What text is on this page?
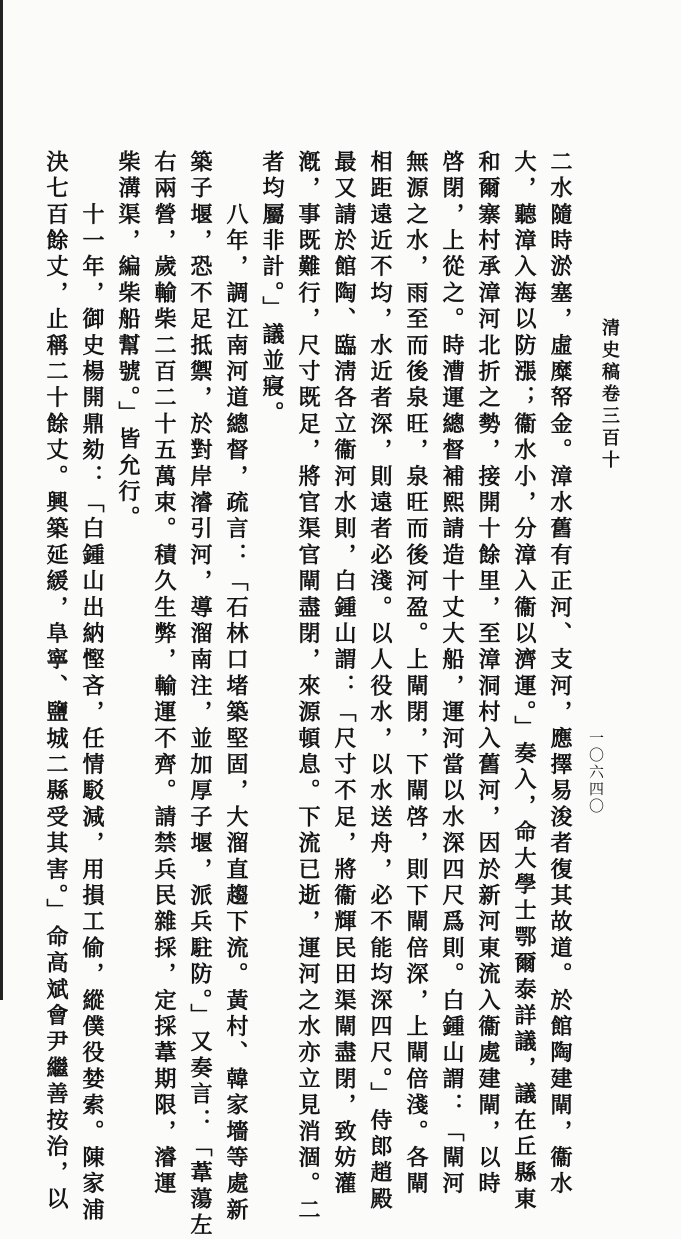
清史稿卷三百十
一〇六四〇
二水隨時淤塞，虛糜帑金。漳水舊有正河、支河，應擇易浚者復其故道。於館陶建閘，衞水
大，聽漳入海以防漲；衞水小，分漳入衞以濟運。」奏入，命大學士鄂爾泰詳議，議在丘縣東
和爾寨村承漳河北折之勢，接開十餘里，至漳洞村入舊河，因於新河東流入衞處建閘，以時
啓閉，上從之。時漕運總督補熙請造十丈大船，運河當以水深四尺爲則。白鍾山謂：「閘河
無源之水，雨至而後泉旺，泉旺而後河盈。上閘閉，下閘啓，則下閘倍深，上閘倍淺。各閘
相距遠近不均，水近者深，則遠者必淺。以人役水，以水送舟，必不能均深四尺。」侍郎趙殿
最又請於館陶、臨淸各立衞河水則，白鍾山謂：「尺寸不足，將衞輝民田渠閘盡閉，致妨灌
漑，事既難行，尺寸既足，將官渠官閘盡閉，來源頓息。下流已逝，運河之水亦立見消涸。二
者均屬非計。」議並寢。
　　八年，調江南河道總督，疏言：「石林口堵築堅固，大溜直趨下流。黃村、韓家墻等處新
築子堰，恐不足抵禦，於對岸濬引河，導溜南注，並加厚子堰，派兵駐防。」又奏言：「葦蕩左
右兩營，歲輸柴二百二十五萬束。積久生弊，輸運不齊。請禁兵民雜採，定採葦期限，濬運
柴溝渠，編柴船幫號。」皆允行。
　　十一年，御史楊開鼎劾：「白鍾山出納慳吝，任情駁減，用損工偷，縱僕役婪索。陳家浦
決七百餘丈，止稱二十餘丈。興築延緩，阜寧、鹽城二縣受其害。」命高斌會尹繼善按治，以
